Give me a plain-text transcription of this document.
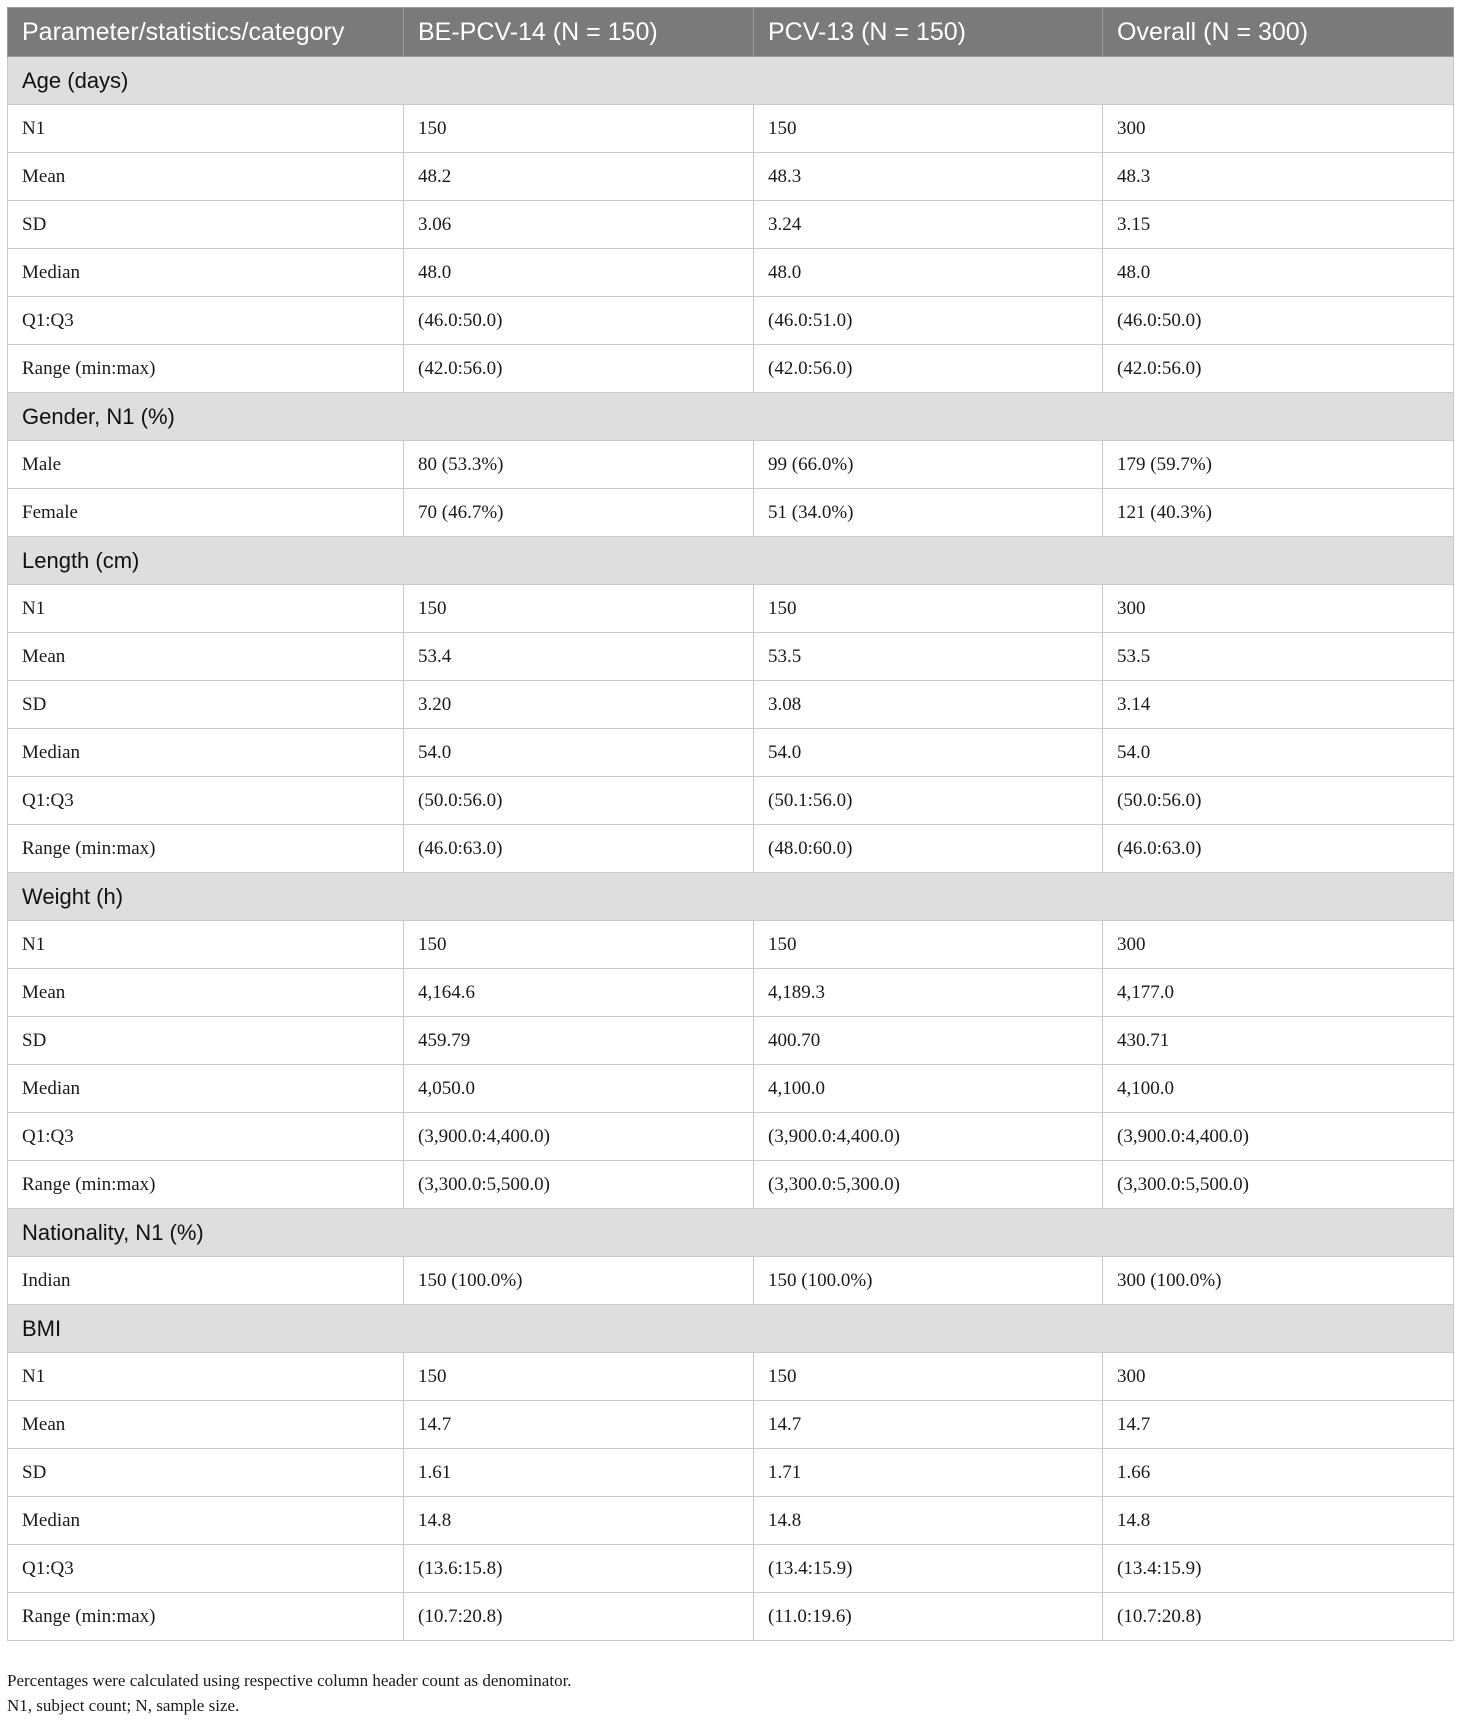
Parameter/statistics/category	BE-PCV-14 (N = 150)	PCV-13 (N = 150)	Overall (N = 300)
Age (days)			
N1	150	150	300
Mean	48.2	48.3	48.3
SD	3.06	3.24	3.15
Median	48.0	48.0	48.0
Q1:Q3	(46.0:50.0)	(46.0:51.0)	(46.0:50.0)
Range (min:max)	(42.0:56.0)	(42.0:56.0)	(42.0:56.0)
Gender, N1 (%)			
Male	80 (53.3%)	99 (66.0%)	179 (59.7%)
Female	70 (46.7%)	51 (34.0%)	121 (40.3%)
Length (cm)			
N1	150	150	300
Mean	53.4	53.5	53.5
SD	3.20	3.08	3.14
Median	54.0	54.0	54.0
Q1:Q3	(50.0:56.0)	(50.1:56.0)	(50.0:56.0)
Range (min:max)	(46.0:63.0)	(48.0:60.0)	(46.0:63.0)
Weight (h)			
N1	150	150	300
Mean	4,164.6	4,189.3	4,177.0
SD	459.79	400.70	430.71
Median	4,050.0	4,100.0	4,100.0
Q1:Q3	(3,900.0:4,400.0)	(3,900.0:4,400.0)	(3,900.0:4,400.0)
Range (min:max)	(3,300.0:5,500.0)	(3,300.0:5,300.0)	(3,300.0:5,500.0)
Nationality, N1 (%)			
Indian	150 (100.0%)	150 (100.0%)	300 (100.0%)
BMI			
N1	150	150	300
Mean	14.7	14.7	14.7
SD	1.61	1.71	1.66
Median	14.8	14.8	14.8
Q1:Q3	(13.6:15.8)	(13.4:15.9)	(13.4:15.9)
Range (min:max)	(10.7:20.8)	(11.0:19.6)	(10.7:20.8)
Percentages were calculated using respective column header count as denominator.
N1, subject count; N, sample size.
